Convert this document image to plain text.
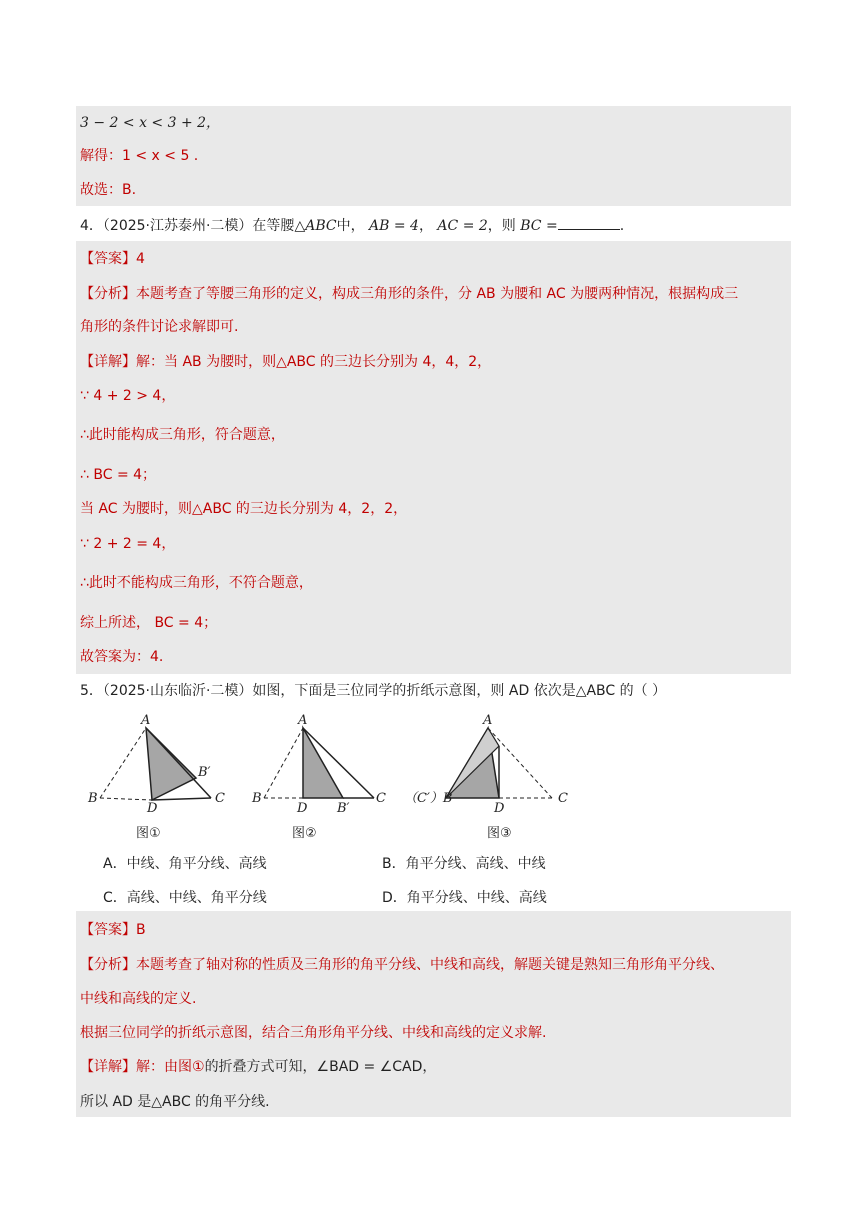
3 − 2 < x < 3 + 2，
解得：1 < x < 5 .
故选：B.
4．（2025·江苏泰州·二模）在等腰△ABC中， AB = 4， AC = 2，则 BC =	.
【答案】4
【分析】本题考查了等腰三角形的定义，构成三角形的条件，分 AB 为腰和 AC 为腰两种情况，根据构成三
角形的条件讨论求解即可.
【详解】解：当 AB 为腰时，则△ABC 的三边长分别为 4，4，2，
∵ 4 + 2 > 4，
∴此时能构成三角形，符合题意，
∴ BC = 4；
当 AC 为腰时，则△ABC 的三边长分别为 4，2，2，
∵ 2 + 2 = 4，
∴此时不能构成三角形，不符合题意，
综上所述， BC = 4；
故答案为：4.
5．（2025·山东临沂·二模）如图，下面是三位同学的折纸示意图，则 AD 依次是△ABC 的（ ）
A
B′
B
D
C
图①
A
B
D B′
C
图②
A
（C′）B
D
C
图③
A．中线、角平分线、高线	B．角平分线、高线、中线
C．高线、中线、角平分线	D．角平分线、中线、高线
【答案】B
【分析】本题考查了轴对称的性质及三角形的角平分线、中线和高线，解题关键是熟知三角形角平分线、
中线和高线的定义.
根据三位同学的折纸示意图，结合三角形角平分线、中线和高线的定义求解.
【详解】解：由图①的折叠方式可知，∠BAD = ∠CAD，
所以 AD 是△ABC 的角平分线.
